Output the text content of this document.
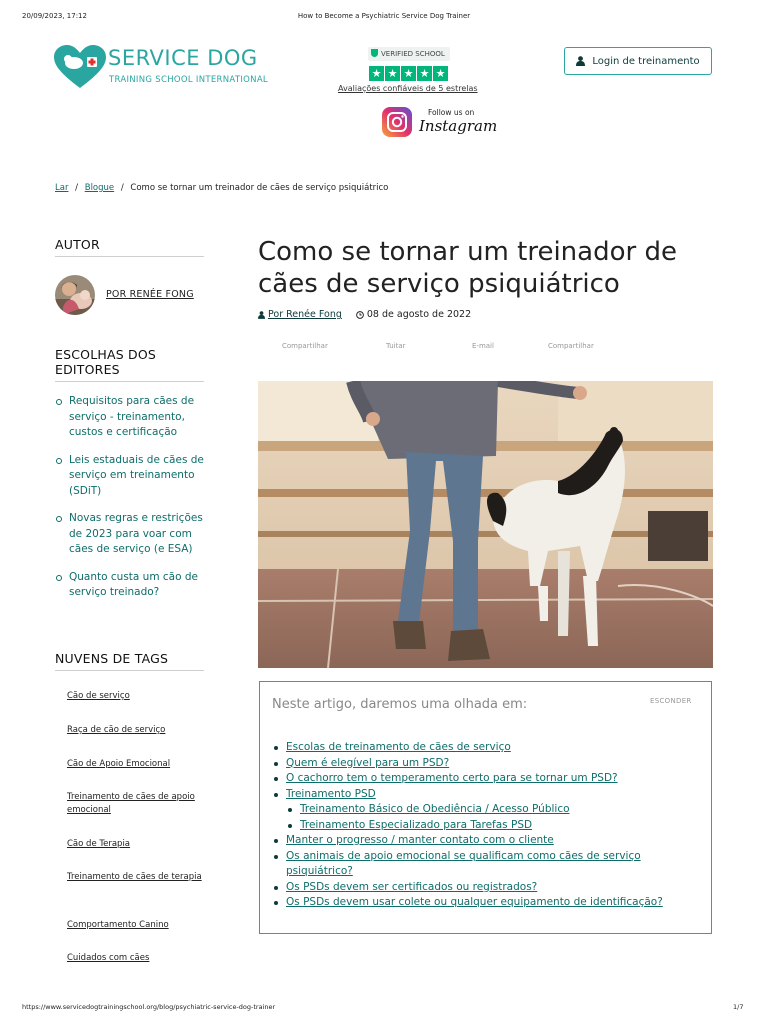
20/09/2023, 17:12	How to Become a Psychiatric Service Dog Trainer
SERVICE DOG
TRAINING SCHOOL INTERNATIONAL
VERIFIED SCHOOL
★ ★ ★ ★ ★
Avaliações confiáveis de 5 estrelas
Follow us on
Instagram
Login de treinamento
Lar / Blogue / Como se tornar um treinador de cães de serviço psiquiátrico
AUTOR
POR RENÉE FONG
ESCOLHAS DOS EDITORES
Requisitos para cães de serviço - treinamento, custos e certificação
Leis estaduais de cães de serviço em treinamento (SDiT)
Novas regras e restrições de 2023 para voar com cães de serviço (e ESA)
Quanto custa um cão de serviço treinado?
NUVENS DE TAGS
Cão de serviço
Raça de cão de serviço
Cão de Apoio Emocional
Treinamento de cães de apoio emocional
Cão de Terapia
Treinamento de cães de terapia
Comportamento Canino
Cuidados com cães
Como se tornar um treinador de cães de serviço psiquiátrico
Por Renée Fong	08 de agosto de 2022
Compartilhar	Tuitar	E-mail	Compartilhar
Neste artigo, daremos uma olhada em:	ESCONDER
Escolas de treinamento de cães de serviço
Quem é elegível para um PSD?
O cachorro tem o temperamento certo para se tornar um PSD?
Treinamento PSD
Treinamento Básico de Obediência / Acesso Público
Treinamento Especializado para Tarefas PSD
Manter o progresso / manter contato com o cliente
Os animais de apoio emocional se qualificam como cães de serviço psiquiátrico?
Os PSDs devem ser certificados ou registrados?
Os PSDs devem usar colete ou qualquer equipamento de identificação?
https://www.servicedogtrainingschool.org/blog/psychiatric-service-dog-trainer	1/7
